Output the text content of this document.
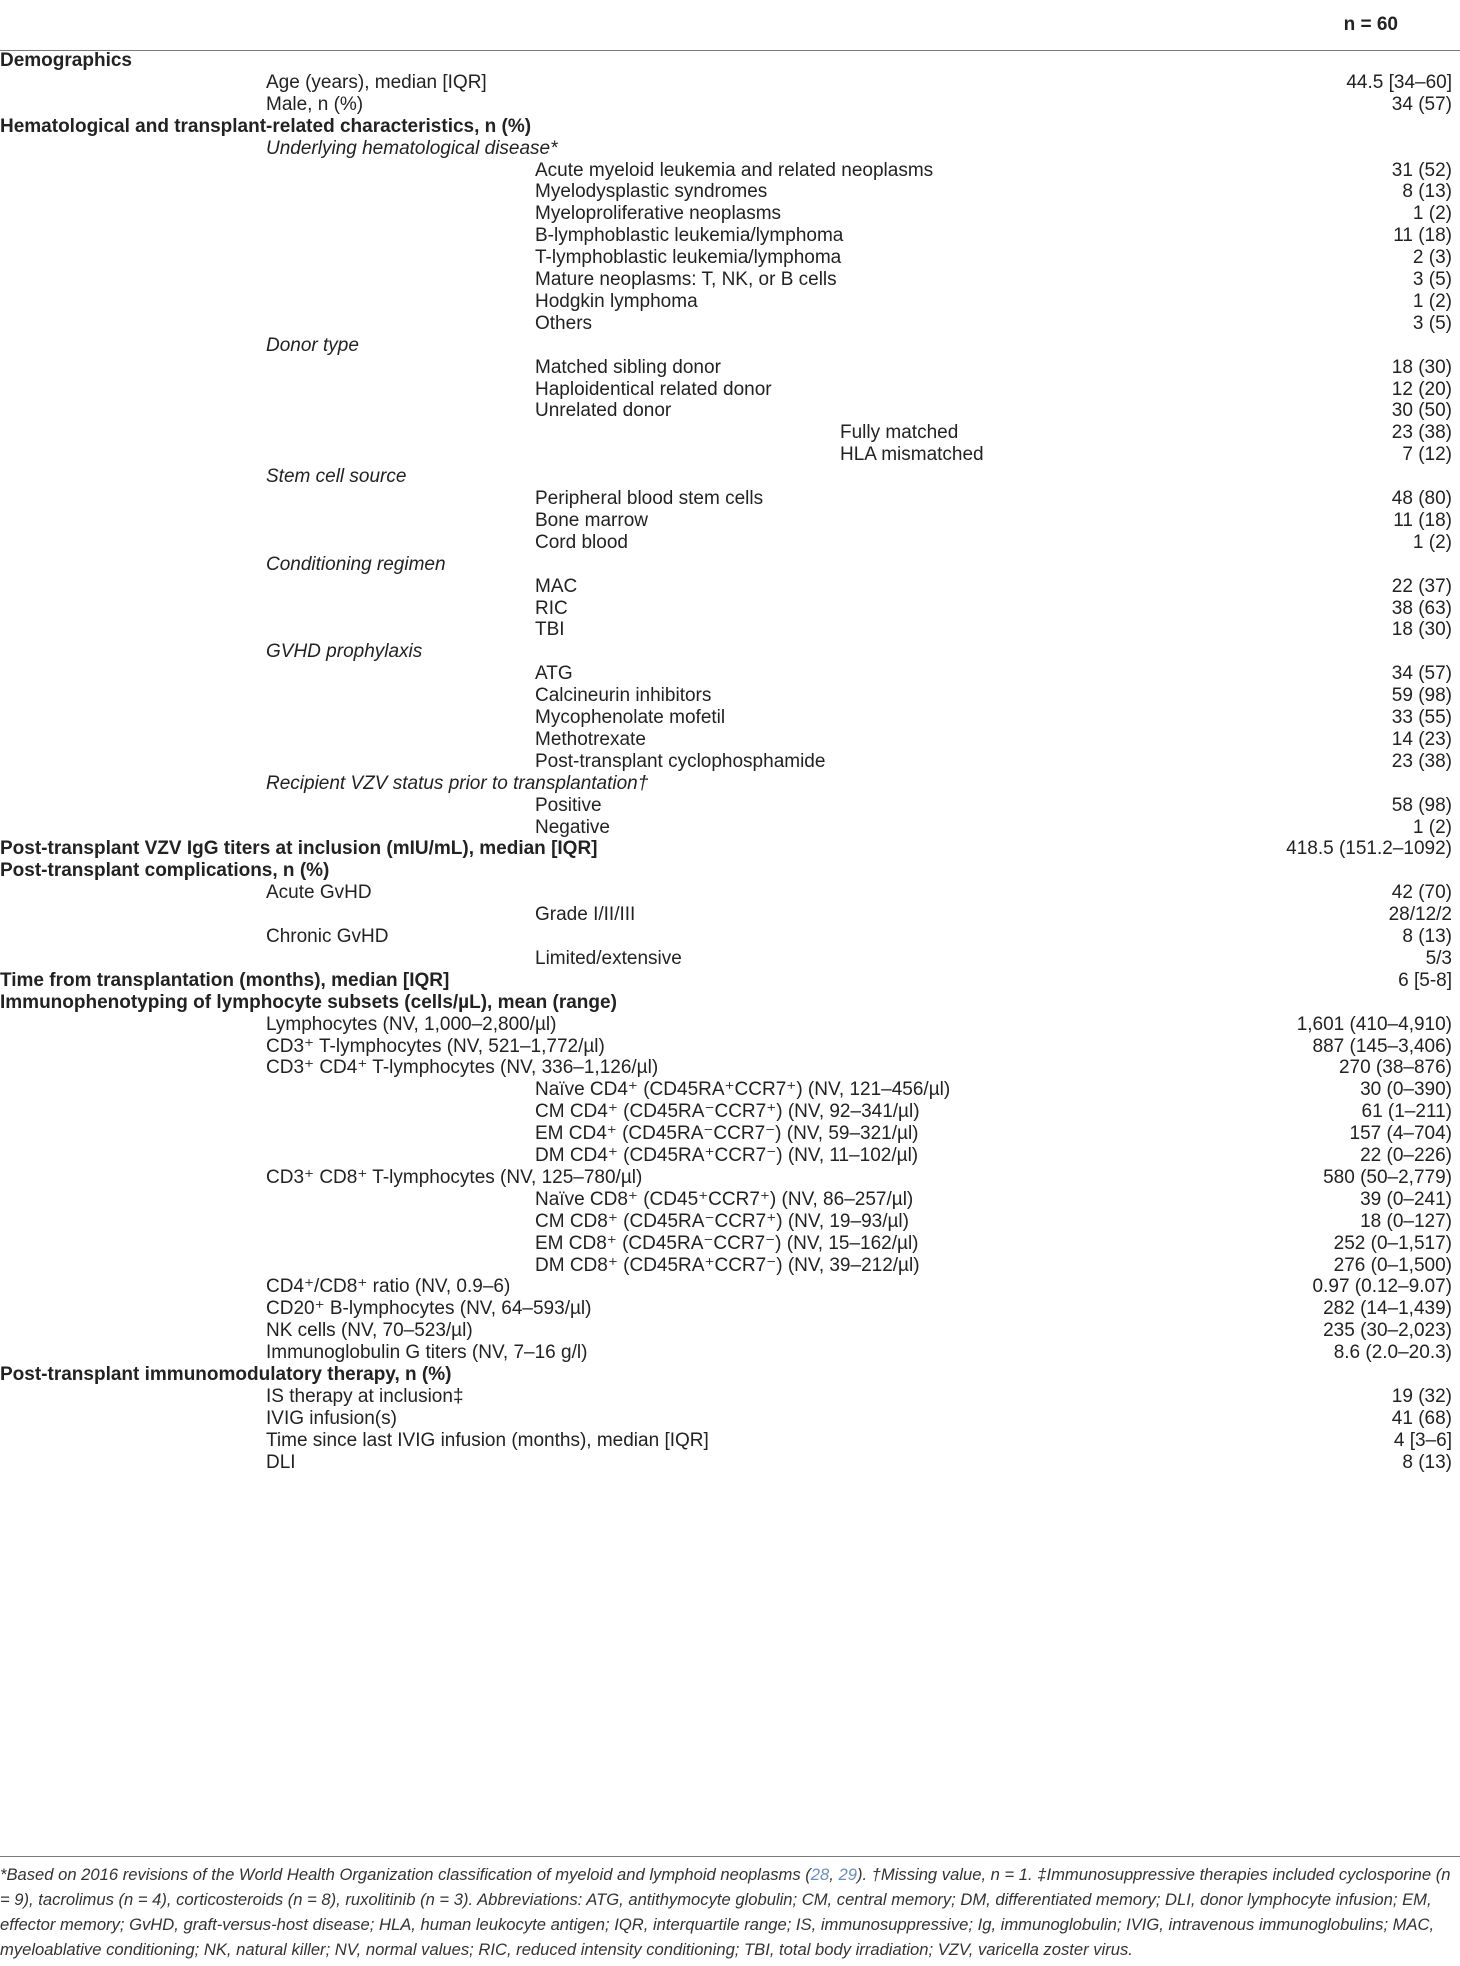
n = 60
Demographics
Age (years), median [IQR]	44.5 [34–60]
Male, n (%)	34 (57)
Hematological and transplant-related characteristics, n (%)
Underlying hematological disease*
Acute myeloid leukemia and related neoplasms	31 (52)
Myelodysplastic syndromes	8 (13)
Myeloproliferative neoplasms	1 (2)
B-lymphoblastic leukemia/lymphoma	11 (18)
T-lymphoblastic leukemia/lymphoma	2 (3)
Mature neoplasms: T, NK, or B cells	3 (5)
Hodgkin lymphoma	1 (2)
Others	3 (5)
Donor type
Matched sibling donor	18 (30)
Haploidentical related donor	12 (20)
Unrelated donor	30 (50)
Fully matched	23 (38)
HLA mismatched	7 (12)
Stem cell source
Peripheral blood stem cells	48 (80)
Bone marrow	11 (18)
Cord blood	1 (2)
Conditioning regimen
MAC	22 (37)
RIC	38 (63)
TBI	18 (30)
GVHD prophylaxis
ATG	34 (57)
Calcineurin inhibitors	59 (98)
Mycophenolate mofetil	33 (55)
Methotrexate	14 (23)
Post-transplant cyclophosphamide	23 (38)
Recipient VZV status prior to transplantation†
Positive	58 (98)
Negative	1 (2)
Post-transplant VZV IgG titers at inclusion (mIU/mL), median [IQR]	418.5 (151.2–1092)
Post-transplant complications, n (%)
Acute GvHD	42 (70)
Grade I/II/III	28/12/2
Chronic GvHD	8 (13)
Limited/extensive	5/3
Time from transplantation (months), median [IQR]	6 [5-8]
Immunophenotyping of lymphocyte subsets (cells/µL), mean (range)
Lymphocytes (NV, 1,000–2,800/µl)	1,601 (410–4,910)
CD3⁺ T-lymphocytes (NV, 521–1,772/µl)	887 (145–3,406)
CD3⁺ CD4⁺ T-lymphocytes (NV, 336–1,126/µl)	270 (38–876)
Naïve CD4⁺ (CD45RA⁺CCR7⁺) (NV, 121–456/µl)	30 (0–390)
CM CD4⁺ (CD45RA⁻CCR7⁺) (NV, 92–341/µl)	61 (1–211)
EM CD4⁺ (CD45RA⁻CCR7⁻) (NV, 59–321/µl)	157 (4–704)
DM CD4⁺ (CD45RA⁺CCR7⁻) (NV, 11–102/µl)	22 (0–226)
CD3⁺ CD8⁺ T-lymphocytes (NV, 125–780/µl)	580 (50–2,779)
Naïve CD8⁺ (CD45⁺CCR7⁺) (NV, 86–257/µl)	39 (0–241)
CM CD8⁺ (CD45RA⁻CCR7⁺) (NV, 19–93/µl)	18 (0–127)
EM CD8⁺ (CD45RA⁻CCR7⁻) (NV, 15–162/µl)	252 (0–1,517)
DM CD8⁺ (CD45RA⁺CCR7⁻) (NV, 39–212/µl)	276 (0–1,500)
CD4⁺/CD8⁺ ratio (NV, 0.9–6)	0.97 (0.12–9.07)
CD20⁺ B-lymphocytes (NV, 64–593/µl)	282 (14–1,439)
NK cells (NV, 70–523/µl)	235 (30–2,023)
Immunoglobulin G titers (NV, 7–16 g/l)	8.6 (2.0–20.3)
Post-transplant immunomodulatory therapy, n (%)
IS therapy at inclusion‡	19 (32)
IVIG infusion(s)	41 (68)
Time since last IVIG infusion (months), median [IQR]	4 [3–6]
DLI	8 (13)
*Based on 2016 revisions of the World Health Organization classification of myeloid and lymphoid neoplasms (28, 29). †Missing value, n = 1. ‡Immunosuppressive therapies included cyclosporine (n = 9), tacrolimus (n = 4), corticosteroids (n = 8), ruxolitinib (n = 3). Abbreviations: ATG, antithymocyte globulin; CM, central memory; DM, differentiated memory; DLI, donor lymphocyte infusion; EM, effector memory; GvHD, graft-versus-host disease; HLA, human leukocyte antigen; IQR, interquartile range; IS, immunosuppressive; Ig, immunoglobulin; IVIG, intravenous immunoglobulins; MAC, myeloablative conditioning; NK, natural killer; NV, normal values; RIC, reduced intensity conditioning; TBI, total body irradiation; VZV, varicella zoster virus.
